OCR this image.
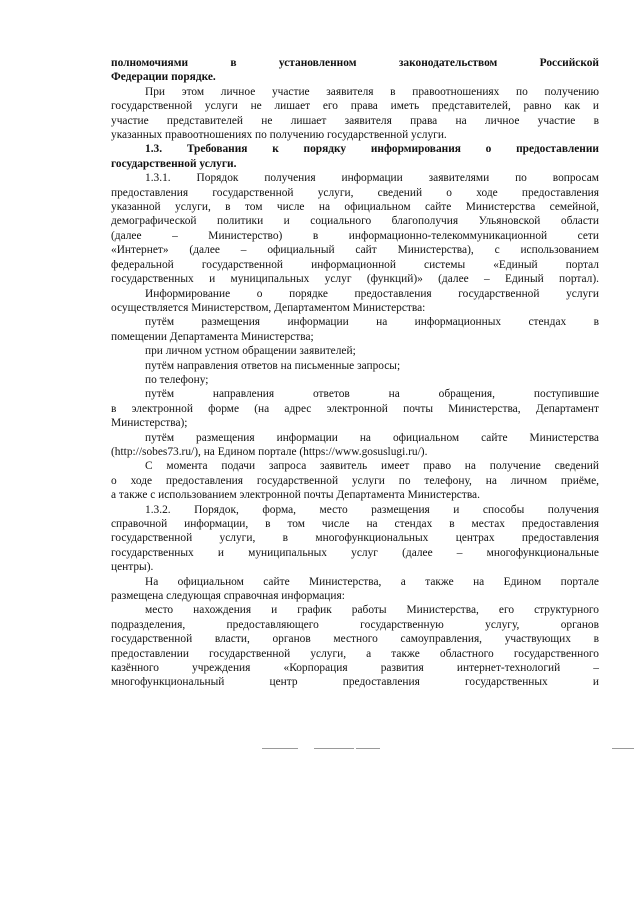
полномочиями в установленном законодательством Российской
Федерации порядке.
При этом личное участие заявителя в правоотношениях по получению
государственной услуги не лишает его права иметь представителей, равно как и
участие представителей не лишает заявителя права на личное участие в
указанных правоотношениях по получению государственной услуги.
1.3. Требования к порядку информирования о предоставлении
государственной услуги.
1.3.1. Порядок получения информации заявителями по вопросам
предоставления государственной услуги, сведений о ходе предоставления
указанной услуги, в том числе на официальном сайте Министерства семейной,
демографической политики и социального благополучия Ульяновской области
(далее – Министерство) в информационно-телекоммуникационной сети
«Интернет» (далее – официальный сайт Министерства), с использованием
федеральной государственной информационной системы «Единый портал
государственных и муниципальных услуг (функций)» (далее – Единый портал).
Информирование о порядке предоставления государственной услуги
осуществляется Министерством, Департаментом Министерства:
путём размещения информации на информационных стендах в
помещении Департамента Министерства;
при личном устном обращении заявителей;
путём направления ответов на письменные запросы;
по телефону;
путём направления ответов на обращения, поступившие
в электронной форме (на адрес электронной почты Министерства, Департамент
Министерства);
путём размещения информации на официальном сайте Министерства
(http://sobes73.ru/), на Едином портале (https://www.gosuslugi.ru/).
С момента подачи запроса заявитель имеет право на получение сведений
о ходе предоставления государственной услуги по телефону, на личном приёме,
а также с использованием электронной почты Департамента Министерства.
1.3.2. Порядок, форма, место размещения и способы получения
справочной информации, в том числе на стендах в местах предоставления
государственной услуги, в многофункциональных центрах предоставления
государственных и муниципальных услуг (далее – многофункциональные
центры).
На официальном сайте Министерства, а также на Едином портале
размещена следующая справочная информация:
место нахождения и график работы Министерства, его структурного
подразделения, предоставляющего государственную услугу, органов
государственной власти, органов местного самоуправления, участвующих в
предоставлении государственной услуги, а также областного государственного
казённого учреждения «Корпорация развития интернет-технологий –
многофункциональный центр предоставления государственных и
